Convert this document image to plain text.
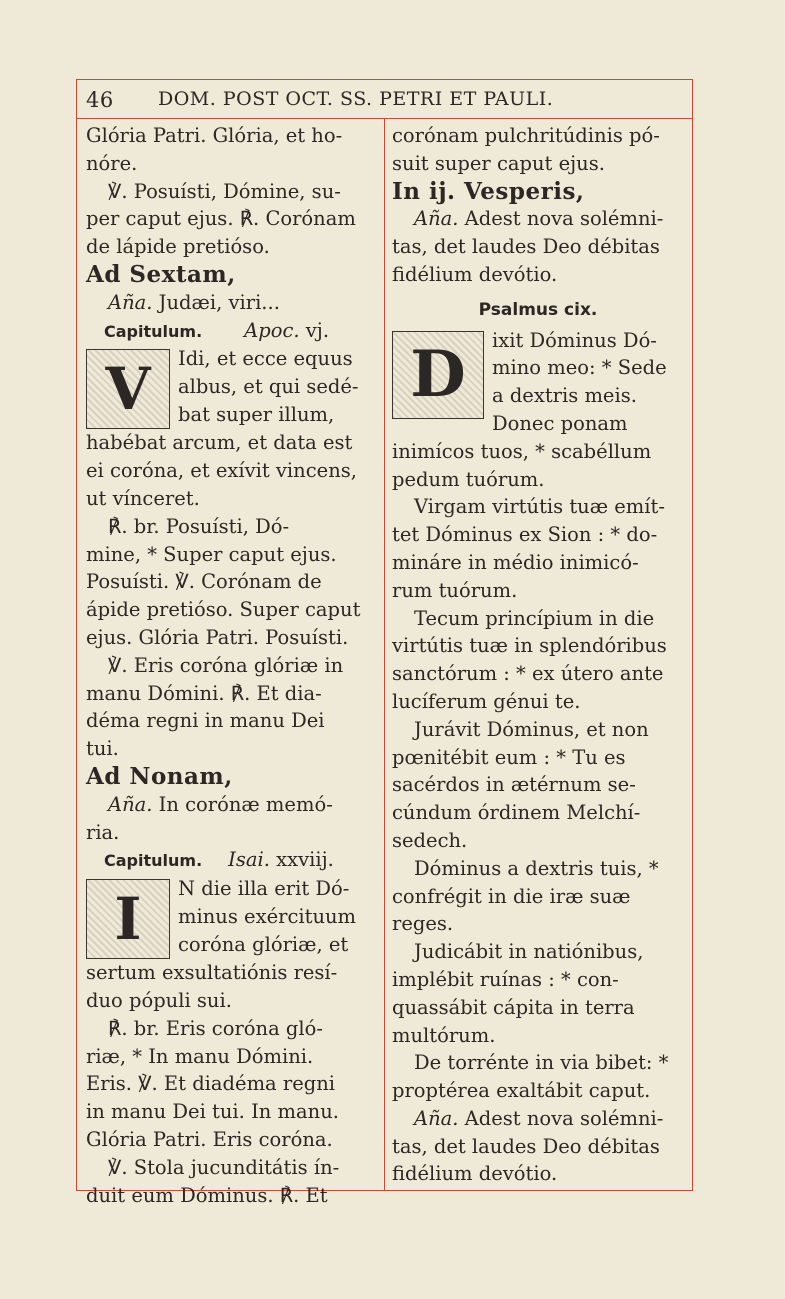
46 DOM. POST OCT. SS. PETRI ET PAULI.

Glória Patri. Glória, et ho-
nóre.
℣. Posuísti, Dómine, su-
per caput ejus. ℟. Corónam
de lápide pretióso.

Ad Sextam,

Aña. Judæi, viri...

Capitulum. Apoc. vj.

V	Idi, et ecce equus
albus, et qui sedé-
bat super illum,
habébat arcum, et data est
ei coróna, et exívit vincens,
ut vínceret.

℟. br. Posuísti, Dó-
mine, * Super caput ejus.
Posuísti. ℣. Corónam de
ápide pretióso. Super caput
ejus. Glória Patri. Posuísti.
℣. Eris coróna glóriæ in
manu Dómini. ℟. Et dia-
déma regni in manu Dei
tui.

Ad Nonam,

Aña. In corónæ memó-
ria.

Capitulum. Isai. xxviij.

I	N die illa erit Dó-
minus exércituum
coróna glóriæ, et
sertum exsultatiónis resí-
duo pópuli sui.

℟. br. Eris coróna gló-
riæ, * In manu Dómini.
Eris. ℣. Et diadéma regni
in manu Dei tui. In manu.
Glória Patri. Eris coróna.
℣. Stola jucunditátis ín-
duit eum Dóminus. ℟. Et

corónam pulchritúdinis pó-
suit super caput ejus.

In ij. Vesperis,

Aña. Adest nova solémni-
tas, det laudes Deo débitas
fidélium devótio.

Psalmus cix.

D	ixit Dóminus Dó-
mino meo: * Sede
a dextris meis.
Donec ponam
inimícos tuos, * scabéllum
pedum tuórum.

Virgam virtútis tuæ emít-
tet Dóminus ex Sion : * do-
mináre in médio inimicó-
rum tuórum.

Tecum princípium in die
virtútis tuæ in splendóribus
sanctórum : * ex útero ante
lucíferum génui te.

Jurávit Dóminus, et non
pœnitébit eum : * Tu es
sacérdos in ætérnum se-
cúndum órdinem Melchí-
sedech.

Dóminus a dextris tuis, *
confrégit in die iræ suæ
reges.

Judicábit in natiónibus,
implébit ruínas : * con-
quassábit cápita in terra
multórum.

De torrénte in via bibet: *
proptérea exaltábit caput.

Aña. Adest nova solémni-
tas, det laudes Deo débitas
fidélium devótio.
